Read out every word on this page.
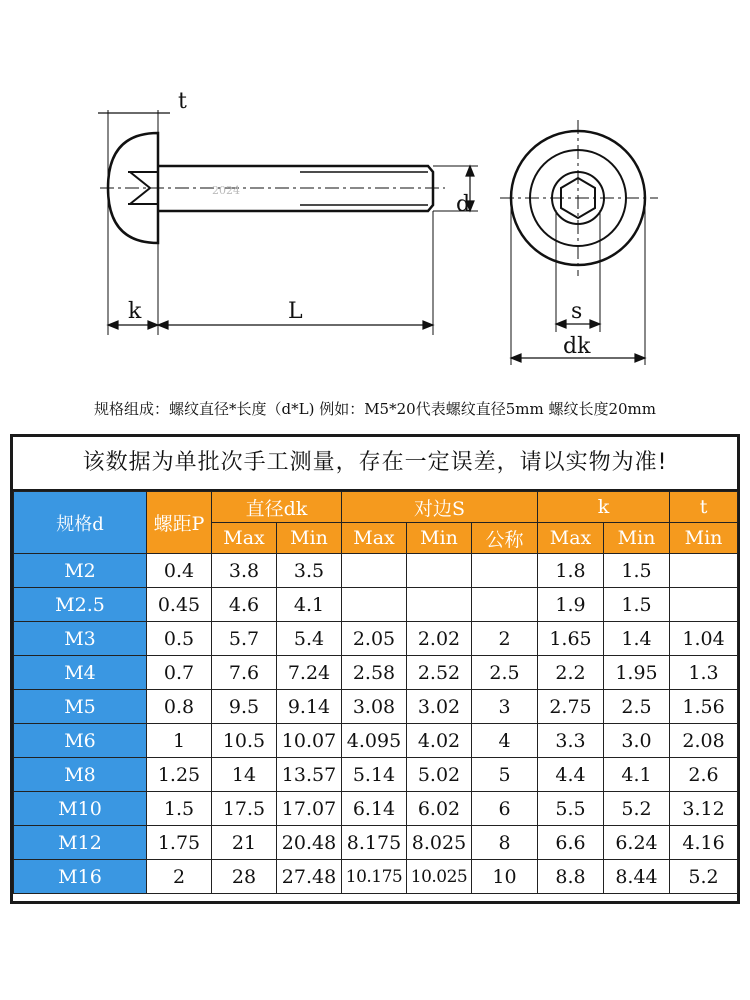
t
d
k	L	s
dk
2024
规格组成：螺纹直径*长度（d*L) 例如：M5*20代表螺纹直径5mm 螺纹长度20mm
该数据为单批次手工测量，存在一定误差，请以实物为准!
规格d	螺距P	直径dk		对边S			k		t
		Max	Min	Max	Min	公称	Max	Min	Min
M2	0.4	3.8	3.5				1.8	1.5	
M2.5	0.45	4.6	4.1				1.9	1.5	
M3	0.5	5.7	5.4	2.05	2.02	2	1.65	1.4	1.04
M4	0.7	7.6	7.24	2.58	2.52	2.5	2.2	1.95	1.3
M5	0.8	9.5	9.14	3.08	3.02	3	2.75	2.5	1.56
M6	1	10.5	10.07	4.095	4.02	4	3.3	3.0	2.08
M8	1.25	14	13.57	5.14	5.02	5	4.4	4.1	2.6
M10	1.5	17.5	17.07	6.14	6.02	6	5.5	5.2	3.12
M12	1.75	21	20.48	8.175	8.025	8	6.6	6.24	4.16
M16	2	28	27.48	10.175	10.025	10	8.8	8.44	5.2
